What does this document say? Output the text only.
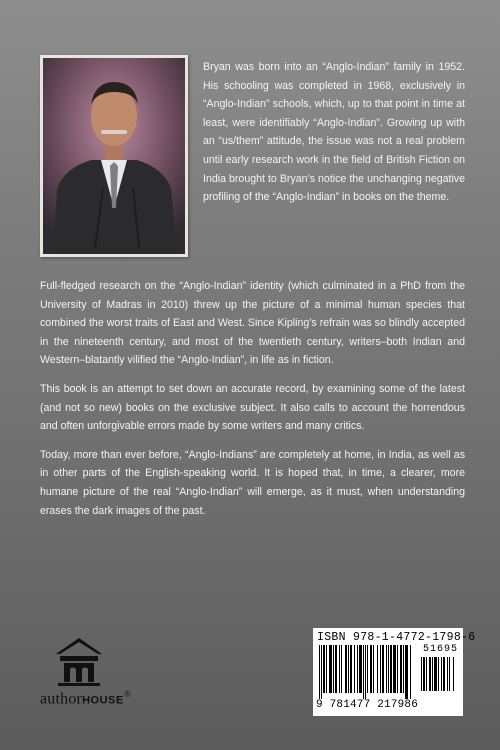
Bryan was born into an “Anglo-Indian” family in 1952. His schooling was completed in 1968, exclusively in “Anglo-Indian” schools, which, up to that point in time at least, were identifiably “Anglo-Indian”. Growing up with an “us/them” attitude, the issue was not a real problem until early research work in the field of British Fiction on India brought to Bryan’s notice the unchanging negative profiling of the “Anglo-Indian” in books on the theme.

Full-fledged research on the “Anglo-Indian” identity (which culminated in a PhD from the University of Madras in 2010) threw up the picture of a minimal human species that combined the worst traits of East and West. Since Kipling’s refrain was so blindly accepted in the nineteenth century, and most of the twentieth century, writers–both Indian and Western–blatantly vilified the “Anglo-Indian”, in life as in fiction.

This book is an attempt to set down an accurate record, by examining some of the latest (and not so new) books on the exclusive subject. It also calls to account the horrendous and often unforgivable errors made by some writers and many critics.

Today, more than ever before, “Anglo-Indians” are completely at home, in India, as well as in other parts of the English-speaking world. It is hoped that, in time, a clearer, more humane picture of the real “Anglo-Indian” will emerge, as it must, when understanding erases the dark images of the past.

authorHOUSE®
ISBN 978-1-4772-1798-6
51695
9 781477 217986
